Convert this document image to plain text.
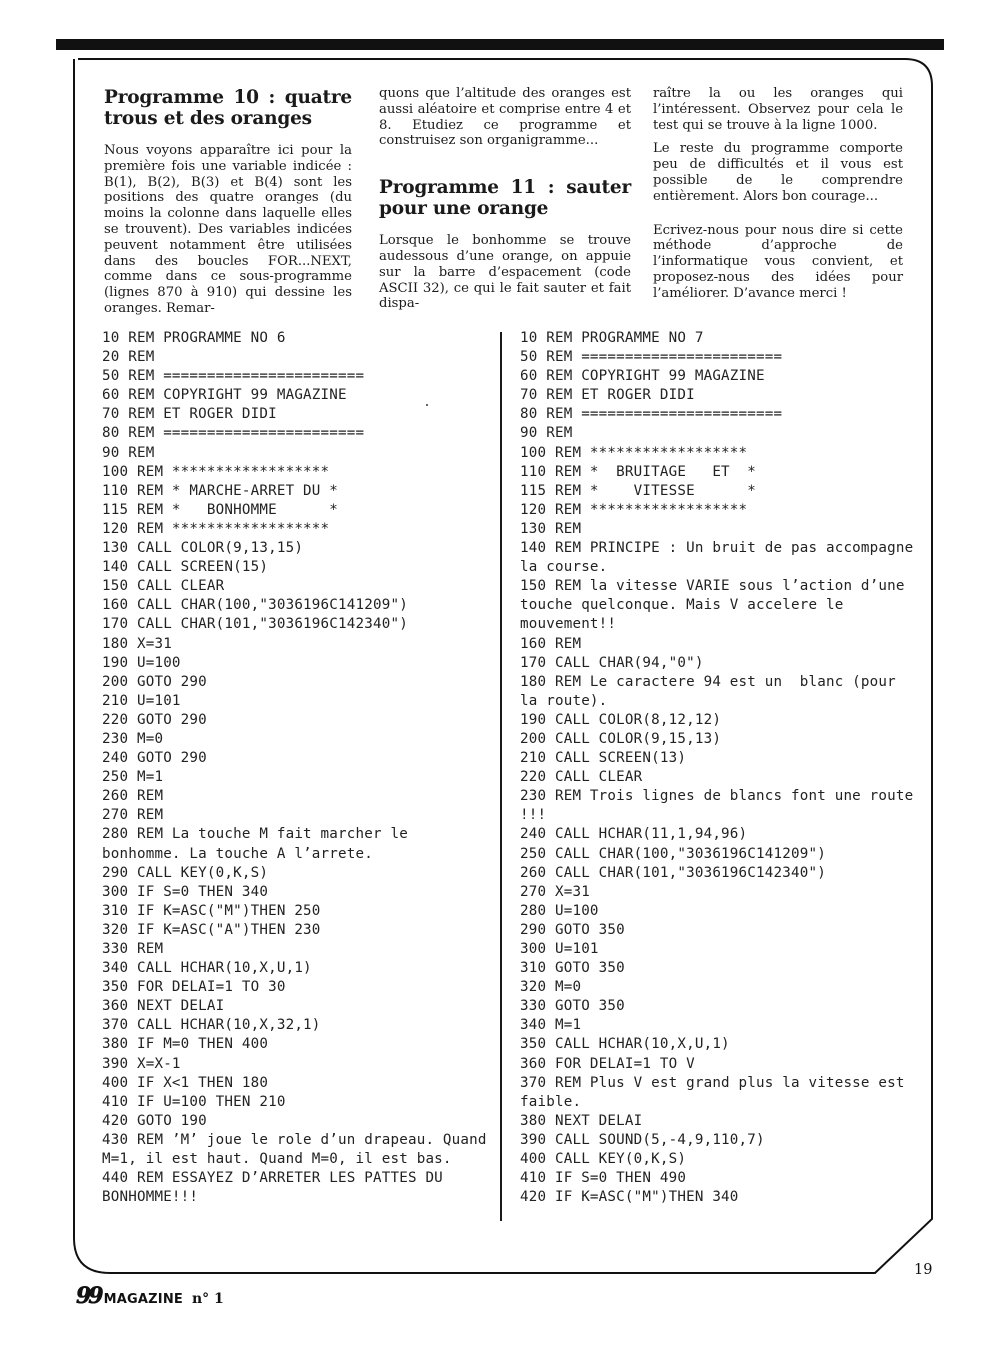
Programme 10 : quatre trous et des oranges

Nous voyons apparaître ici pour la première fois une variable indicée : B(1), B(2), B(3) et B(4) sont les positions des quatre oranges (du moins la colonne dans laquelle elles se trouvent). Des variables indicées peuvent notamment être utilisées dans des boucles FOR...NEXT, comme dans ce sous-programme (lignes 870 à 910) qui dessine les oranges. Remar-

quons que l’altitude des oranges est aussi aléatoire et comprise entre 4 et 8. Etudiez ce programme et construisez son organigramme...

Programme 11 : sauter pour une orange

Lorsque le bonhomme se trouve audessous d’une orange, on appuie sur la barre d’espacement (code ASCII 32), ce qui le fait sauter et fait dispa-

raître la ou les oranges qui l’intéressent. Observez pour cela le test qui se trouve à la ligne 1000.

Le reste du programme comporte peu de difficultés et il vous est possible de le comprendre entièrement. Alors bon courage...

Ecrivez-nous pour nous dire si cette méthode d’approche de l’informatique vous convient, et proposez-nous des idées pour l’améliorer. D’avance merci !

10 REM PROGRAMME NO 6
20 REM
50 REM =======================
60 REM COPYRIGHT 99 MAGAZINE
70 REM ET ROGER DIDI
80 REM =======================
90 REM
100 REM ******************
110 REM * MARCHE-ARRET DU *
115 REM *   BONHOMME      *
120 REM ******************
130 CALL COLOR(9,13,15)
140 CALL SCREEN(15)
150 CALL CLEAR
160 CALL CHAR(100,"3036196C141209")
170 CALL CHAR(101,"3036196C142340")
180 X=31
190 U=100
200 GOTO 290
210 U=101
220 GOTO 290
230 M=0
240 GOTO 290
250 M=1
260 REM
270 REM
280 REM La touche M fait marcher le bonhomme. La touche A l’arrete.
290 CALL KEY(0,K,S)
300 IF S=0 THEN 340
310 IF K=ASC("M")THEN 250
320 IF K=ASC("A")THEN 230
330 REM
340 CALL HCHAR(10,X,U,1)
350 FOR DELAI=1 TO 30
360 NEXT DELAI
370 CALL HCHAR(10,X,32,1)
380 IF M=0 THEN 400
390 X=X-1
400 IF X<1 THEN 180
410 IF U=100 THEN 210
420 GOTO 190
430 REM ’M’ joue le role d’un drapeau. Quand M=1, il est haut. Quand M=0, il est bas.
440 REM ESSAYEZ D’ARRETER LES PATTES DU BONHOMME!!!
10 REM PROGRAMME NO 7
50 REM =======================
60 REM COPYRIGHT 99 MAGAZINE
70 REM ET ROGER DIDI
80 REM =======================
90 REM
100 REM ******************
110 REM *  BRUITAGE   ET  *
115 REM *    VITESSE      *
120 REM ******************
130 REM
140 REM PRINCIPE : Un bruit de pas accompagne la course.
150 REM la vitesse VARIE sous l’action d’une touche quelconque. Mais V accelere le mouvement!!
160 REM
170 CALL CHAR(94,"0")
180 REM Le caractere 94 est un  blanc (pour la route).
190 CALL COLOR(8,12,12)
200 CALL COLOR(9,15,13)
210 CALL SCREEN(13)
220 CALL CLEAR
230 REM Trois lignes de blancs font une route !!!
240 CALL HCHAR(11,1,94,96)
250 CALL CHAR(100,"3036196C141209")
260 CALL CHAR(101,"3036196C142340")
270 X=31
280 U=100
290 GOTO 350
300 U=101
310 GOTO 350
320 M=0
330 GOTO 350
340 M=1
350 CALL HCHAR(10,X,U,1)
360 FOR DELAI=1 TO V
370 REM Plus V est grand plus la vitesse est faible.
380 NEXT DELAI
390 CALL SOUND(5,-4,9,110,7)
400 CALL KEY(0,K,S)
410 IF S=0 THEN 490
420 IF K=ASC("M")THEN 340
99 MAGAZINE n° 1
19
